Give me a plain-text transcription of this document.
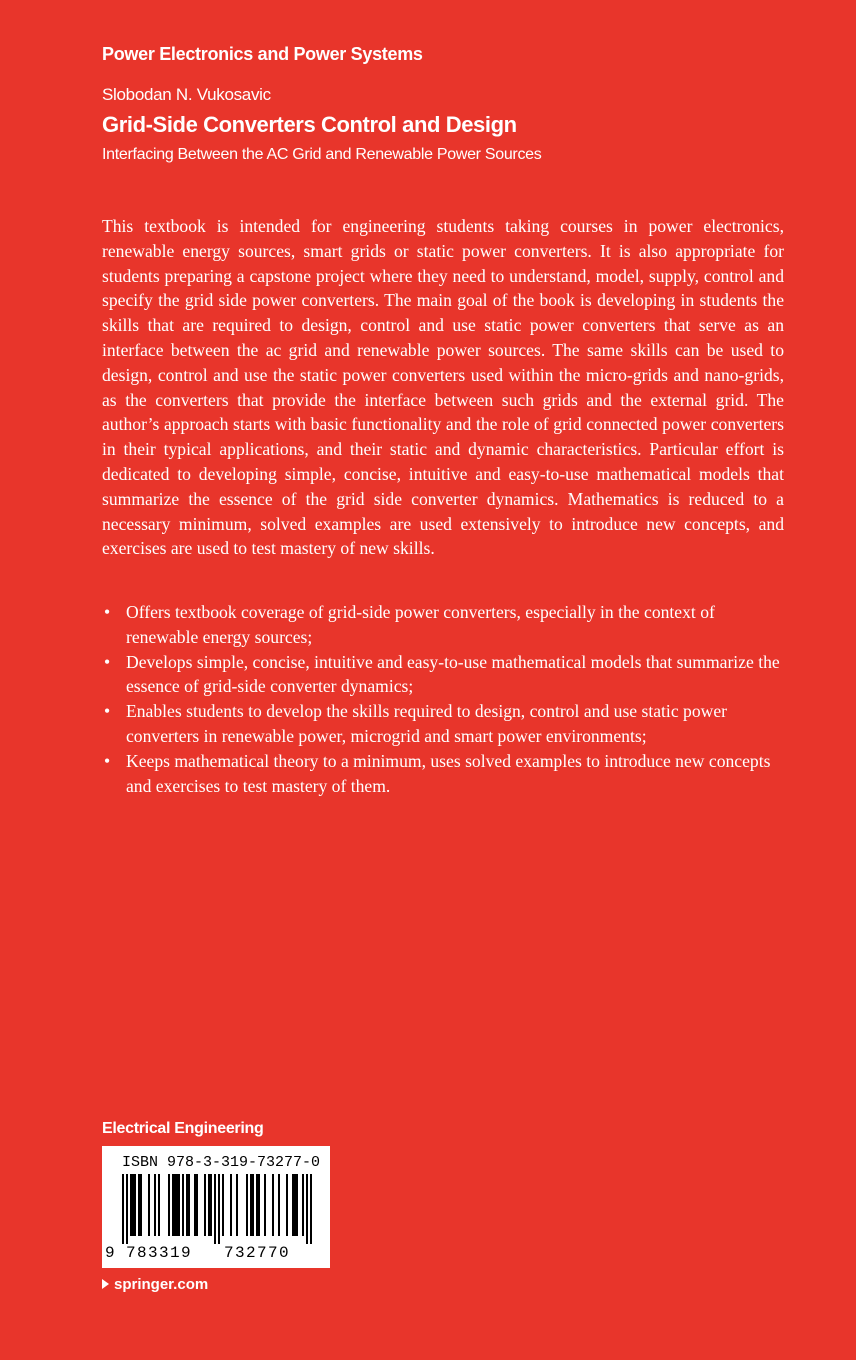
Power Electronics and Power Systems
Slobodan N. Vukosavic
Grid-Side Converters Control and Design
Interfacing Between the AC Grid and Renewable Power Sources

This textbook is intended for engineering students taking courses in power electronics, renewable energy sources, smart grids or static power converters. It is also appropriate for students preparing a capstone project where they need to understand, model, supply, control and specify the grid side power converters. The main goal of the book is developing in students the skills that are required to design, control and use static power converters that serve as an interface between the ac grid and renewable power sources. The same skills can be used to design, control and use the static power converters used within the micro-grids and nano-grids, as the converters that provide the interface between such grids and the external grid. The author’s approach starts with basic functionality and the role of grid connected power converters in their typical applications, and their static and dynamic characteristics. Particular effort is dedicated to developing simple, concise, intuitive and easy-to-use mathematical models that summarize the essence of the grid side converter dynamics. Mathematics is reduced to a necessary minimum, solved examples are used extensively to introduce new concepts, and exercises are used to test mastery of new skills.

• Offers textbook coverage of grid-side power converters, especially in the context of renewable energy sources;
• Develops simple, concise, intuitive and easy-to-use mathematical models that summarize the essence of grid-side converter dynamics;
• Enables students to develop the skills required to design, control and use static power converters in renewable power, microgrid and smart power environments;
• Keeps mathematical theory to a minimum, uses solved examples to introduce new concepts and exercises to test mastery of them.
Electrical Engineering
ISBN 978-3-319-73277-0
9 783319 732770
springer.com
